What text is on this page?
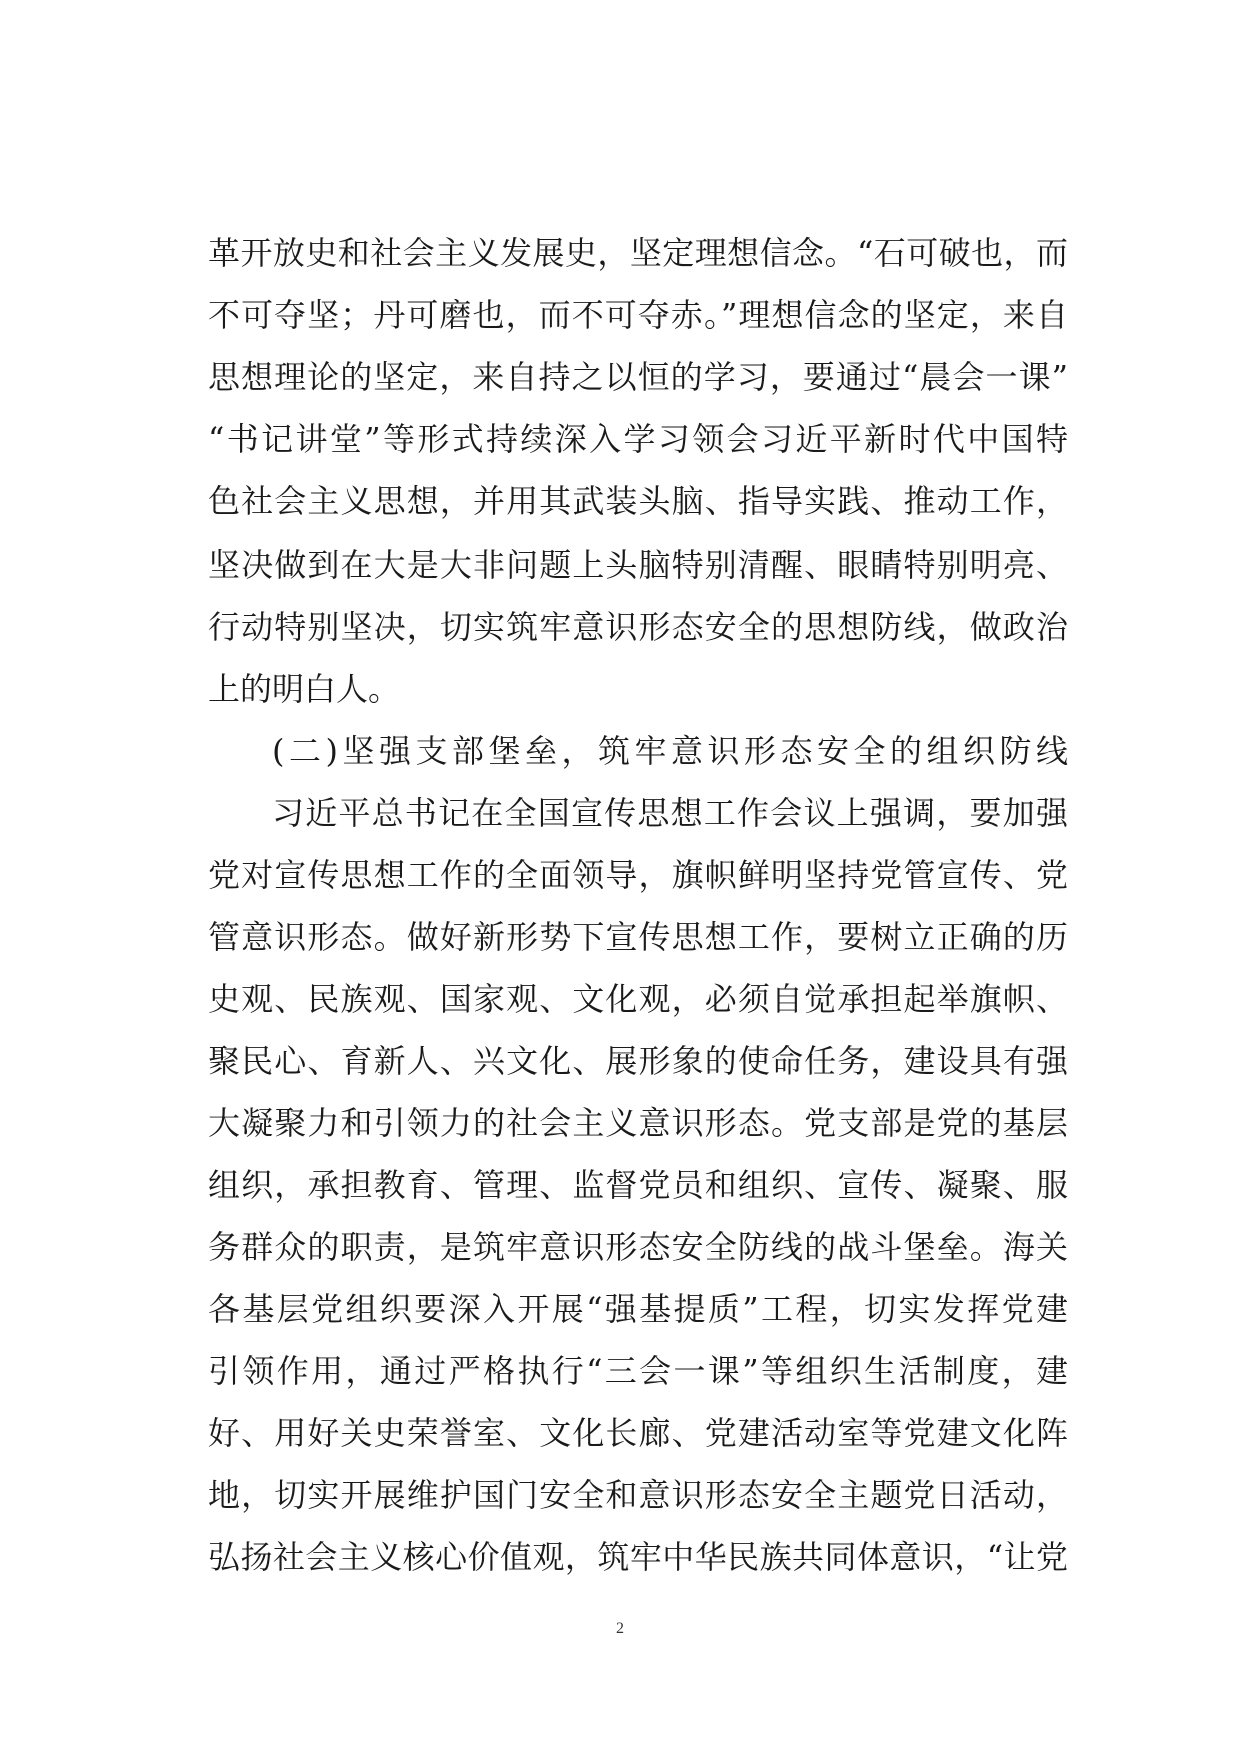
革开放史和社会主义发展史，坚定理想信念。“石可破也，而
不可夺坚；丹可磨也，而不可夺赤。”理想信念的坚定，来自
思想理论的坚定，来自持之以恒的学习，要通过“晨会一课”
“书记讲堂”等形式持续深入学习领会习近平新时代中国特
色社会主义思想，并用其武装头脑、指导实践、推动工作，
坚决做到在大是大非问题上头脑特别清醒、眼睛特别明亮、
行动特别坚决，切实筑牢意识形态安全的思想防线，做政治
上的明白人。
(二)坚强支部堡垒，筑牢意识形态安全的组织防线
习近平总书记在全国宣传思想工作会议上强调，要加强
党对宣传思想工作的全面领导，旗帜鲜明坚持党管宣传、党
管意识形态。做好新形势下宣传思想工作，要树立正确的历
史观、民族观、国家观、文化观，必须自觉承担起举旗帜、
聚民心、育新人、兴文化、展形象的使命任务，建设具有强
大凝聚力和引领力的社会主义意识形态。党支部是党的基层
组织，承担教育、管理、监督党员和组织、宣传、凝聚、服
务群众的职责，是筑牢意识形态安全防线的战斗堡垒。海关
各基层党组织要深入开展“强基提质”工程，切实发挥党建
引领作用，通过严格执行“三会一课”等组织生活制度，建
好、用好关史荣誉室、文化长廊、党建活动室等党建文化阵
地，切实开展维护国门安全和意识形态安全主题党日活动，
弘扬社会主义核心价值观，筑牢中华民族共同体意识，“让党
2
